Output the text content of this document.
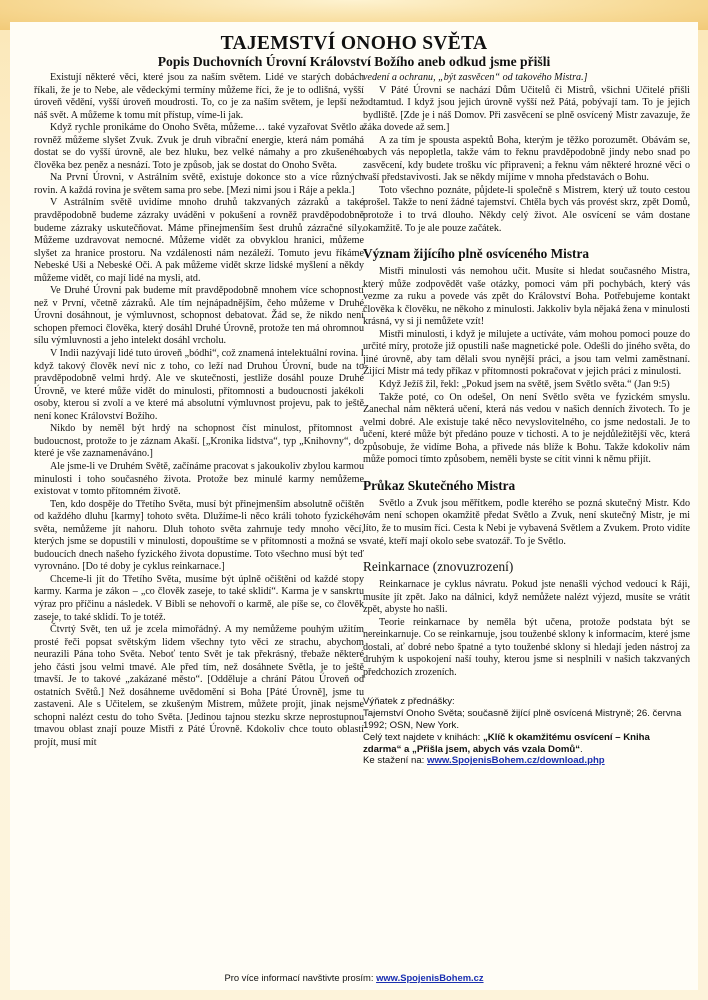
TAJEMSTVÍ ONOHO SVĚTA
Popis Duchovních Úrovní Království Božího aneb odkud jsme přišli

Existují některé věci, které jsou za naším světem. Lidé ve starých dobách říkali, že je to Nebe, ale vědeckými termíny můžeme říci, že je to odlišná, vyšší úroveň vědění, vyšší úroveň moudrosti. To, co je za naším světem, je lepší než náš svět. A můžeme k tomu mít přístup, víme-li jak.

Když rychle pronikáme do Onoho Světa, můžeme… také vyzařovat Světlo a rovněž můžeme slyšet Zvuk. Zvuk je druh vibrační energie, která nám pomáhá dostat se do vyšší úrovně, ale bez hluku, bez velké námahy a pro zkušeného člověka bez peněz a nesnází. Toto je způsob, jak se dostat do Onoho Světa.

Na První Úrovni, v Astrálním světě, existuje dokonce sto a více různých rovin. A každá rovina je světem sama pro sebe. [Mezi nimi jsou i Ráje a pekla.]

V Astrálním světě uvidíme mnoho druhů takzvaných zázraků a také pravděpodobně budeme zázraky uváděni v pokušení a rovněž pravděpodobně budeme zázraky uskutečňovat. Máme přinejmenším šest druhů zázračné síly. Můžeme uzdravovat nemocné. Můžeme vidět za obvyklou hranici, můžeme slyšet za hranice prostoru. Na vzdálenosti nám nezáleží. Tomuto jevu říkáme Nebeské Uši a Nebeské Oči. A pak můžeme vidět skrze lidské myšlení a někdy můžeme vidět, co mají lidé na mysli, atd.

Ve Druhé Úrovni pak budeme mít pravděpodobně mnohem více schopností než v První, včetně zázraků. Ale tím nejnápadnějším, čeho můžeme v Druhé Úrovni dosáhnout, je výmluvnost, schopnost debatovat. Žád se, že nikdo není schopen přemoci člověka, který dosáhl Druhé Úrovně, protože ten má ohromnou sílu výmluvnosti a jeho intelekt dosáhl vrcholu.

V Indii nazývají lidé tuto úroveň „bódhi“, což znamená intelektuální rovina. I když takový člověk neví nic z toho, co leží nad Druhou Úrovní, bude na to pravděpodobně velmi hrdý. Ale ve skutečnosti, jestliže dosáhl pouze Druhé Úrovně, ve které může vidět do minulosti, přítomnosti a budoucnosti jakékoli osoby, kterou si zvolí a ve které má absolutní výmluvnost projevu, pak to ještě není konec Království Božího.

Nikdo by neměl být hrdý na schopnost číst minulost, přítomnost a budoucnost, protože to je záznam Akaší. [„Kronika lidstva“, typ „Knihovny“, do které je vše zaznamenáváno.]

Ale jsme-li ve Druhém Světě, začínáme pracovat s jakoukoliv zbylou karmou minulosti i toho současného života. Protože bez minulé karmy nemůžeme existovat v tomto přítomném životě.

Ten, kdo dospěje do Třetího Světa, musí být přinejmenším absolutně očištěn od každého dluhu [karmy] tohoto světa. Dlužíme-li něco králi tohoto fyzického světa, nemůžeme jít nahoru. Dluh tohoto světa zahrnuje tedy mnoho věcí, kterých jsme se dopustili v minulosti, dopouštíme se v přítomnosti a možná se v budoucích dnech našeho fyzického života dopustíme. Toto všechno musí být teď vyrovnáno. [Do té doby je cyklus reinkarnace.]

Chceme-li jít do Třetího Světa, musíme být úplně očištěni od každé stopy karmy. Karma je zákon – „co člověk zaseje, to také sklidí“. Karma je v sanskrtu výraz pro příčinu a následek. V Bibli se nehovoří o karmě, ale píše se, co člověk zaseje, to také sklidí. To je totéž.

Čtvrtý Svět, ten už je zcela mimořádný. A my nemůžeme pouhým užitím prosté řeči popsat světským lidem všechny tyto věci ze strachu, abychom neurazili Pána toho Světa. Neboť tento Svět je tak překrásný, třebaže některé jeho části jsou velmi tmavé. Ale před tím, než dosáhnete Světla, je to ještě tmavší. Je to takové „zakázané město“. [Odděluje a chrání Pátou Úroveň od ostatních Světů.] Než dosáhneme uvědomění si Boha [Páté Úrovně], jsme tu zastaveni. Ale s Učitelem, se zkušeným Mistrem, můžete projít, jinak nejsme schopni nalézt cestu do toho Světa. [Jedinou tajnou stezku skrze neprostupnou tmavou oblast znají pouze Mistři z Páté Úrovně. Kdokoliv chce touto oblastí projít, musí mít

vedení a ochranu, „být zasvěcen“ od takového Mistra.]

V Páté Úrovni se nachází Dům Učitelů či Mistrů, všichni Učitelé přišli odtamtud. I když jsou jejich úrovně vyšší než Pátá, pobývají tam. To je jejich bydliště. [Zde je i náš Domov. Při zasvěcení se plně osvícený Mistr zavazuje, že žáka dovede až sem.]

A za tím je spousta aspektů Boha, kterým je těžko porozumět. Obávám se, abych vás nepopletla, takže vám to řeknu pravděpodobně jindy nebo snad po zasvěcení, kdy budete trošku víc připraveni; a řeknu vám některé hrozné věci o vaší představivosti. Jak se někdy míjíme v mnoha představách o Bohu.

Toto všechno poznáte, půjdete-li společně s Mistrem, který už touto cestou prošel. Takže to není žádné tajemství. Chtěla bych vás provést skrz, zpět Domů, protože i to trvá dlouho. Někdy celý život. Ale osvícení se vám dostane okamžitě. To je ale pouze začátek.

Význam žijícího plně osvíceného Mistra

Mistři minulosti vás nemohou učit. Musíte si hledat současného Mistra, který může zodpovědět vaše otázky, pomoci vám při pochybách, který vás vezme za ruku a povede vás zpět do Království Boha. Potřebujeme kontakt člověka k člověku, ne někoho z minulosti. Jakkoliv byla nějaká žena v minulosti krásná, vy si ji nemůžete vzít!

Mistři minulosti, i když je milujete a uctíváte, vám mohou pomoci pouze do určité míry, protože již opustili naše magnetické pole. Odešli do jiného světa, do jiné úrovně, aby tam dělali svou nynější práci, a jsou tam velmi zaměstnaní. Žijící Mistr má tedy příkaz v přítomnosti pokračovat v jejich práci z minulosti.

Když Ježíš žil, řekl: „Pokud jsem na světě, jsem Světlo světa.“ (Jan 9:5)

Takže poté, co On odešel, On není Světlo světa ve fyzickém smyslu. Zanechal nám některá učení, která nás vedou v našich denních životech. To je velmi dobré. Ale existuje také něco nevyslovitelného, co jsme nedostali. Je to učení, které může být předáno pouze v tichosti. A to je nejdůležitější věc, která způsobuje, že vidíme Boha, a přivede nás blíže k Bohu. Takže kdokoliv nám může pomoci tímto způsobem, neměli byste se cítit vinni k němu přijít.

Průkaz Skutečného Mistra

Světlo a Zvuk jsou měřítkem, podle kterého se pozná skutečný Mistr. Kdo vám není schopen okamžitě předat Světlo a Zvuk, není skutečný Mistr, je mi líto, že to musím říci. Cesta k Nebi je vybavená Světlem a Zvukem. Proto vidíte svaté, kteří mají okolo sebe svatozář. To je Světlo.

Reinkarnace (znovuzrození)

Reinkarnace je cyklus návratu. Pokud jste nenašli východ vedoucí k Ráji, musíte jít zpět. Jako na dálnici, když nemůžete nalézt výjezd, musíte se vrátit zpět, abyste ho našli.

Teorie reinkarnace by neměla být učena, protože podstata být se nereinkarnuje. Co se reinkarnuje, jsou touženbé sklony k informacím, které jsme dostali, ať dobré nebo špatné a tyto touženbé sklony si hledají jeden nástroj za druhým k uspokojení naší touhy, kterou jsme si nesplnili v našich takzvaných předchozích zrozeních.

Výňatek z přednášky:

Tajemství Onoho Světa; současně žijící plně osvícená Mistryně; 26. června 1992; OSN, New York.

Celý text najdete v knihách: „Klíč k okamžitému osvícení – Kniha zdarma“ a „Přišla jsem, abych vás vzala Domů“.

Ke stažení na: www.SpojenisBohem.cz/download.php

Pro více informací navštivte prosím: www.SpojenisBohem.cz
